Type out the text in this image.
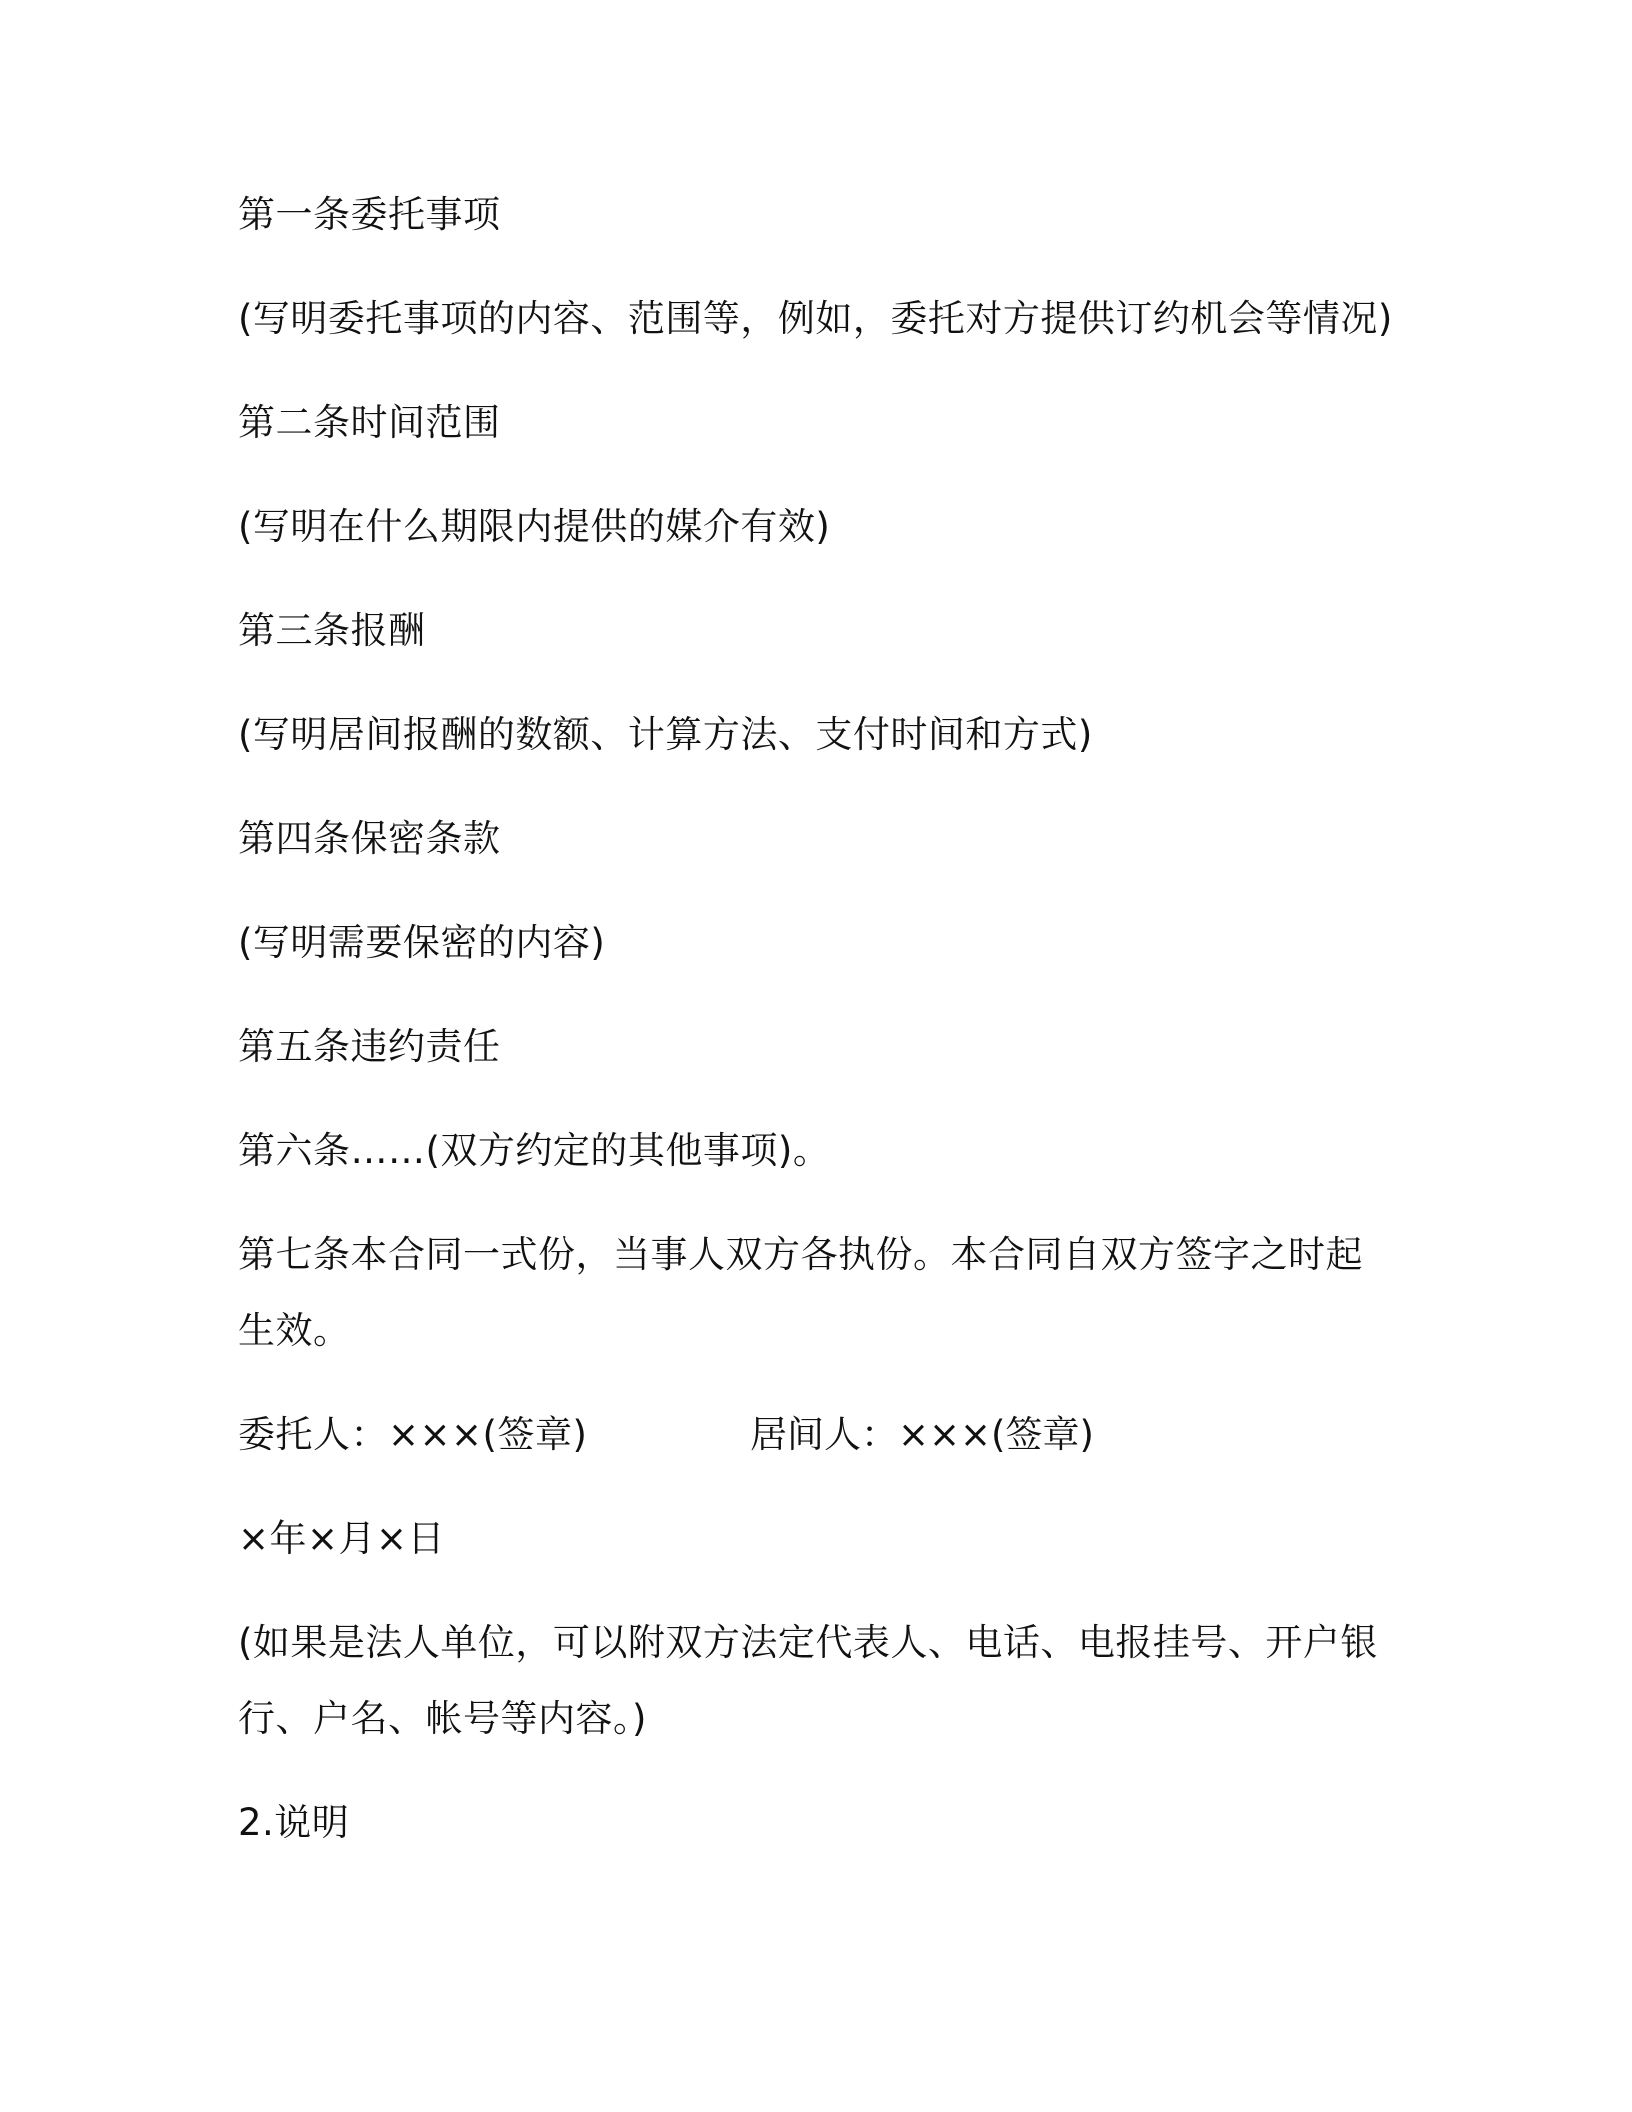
第一条委托事项
(写明委托事项的内容、范围等，例如，委托对方提供订约机会等情况)
第二条时间范围
(写明在什么期限内提供的媒介有效)
第三条报酬
(写明居间报酬的数额、计算方法、支付时间和方式)
第四条保密条款
(写明需要保密的内容)
第五条违约责任
第六条……(双方约定的其他事项)。
第七条本合同一式份，当事人双方各执份。本合同自双方签字之时起
生效。
委托人：×××(签章)	居间人：×××(签章)
×年×月×日
(如果是法人单位，可以附双方法定代表人、电话、电报挂号、开户银
行、户名、帐号等内容。)
2.说明
